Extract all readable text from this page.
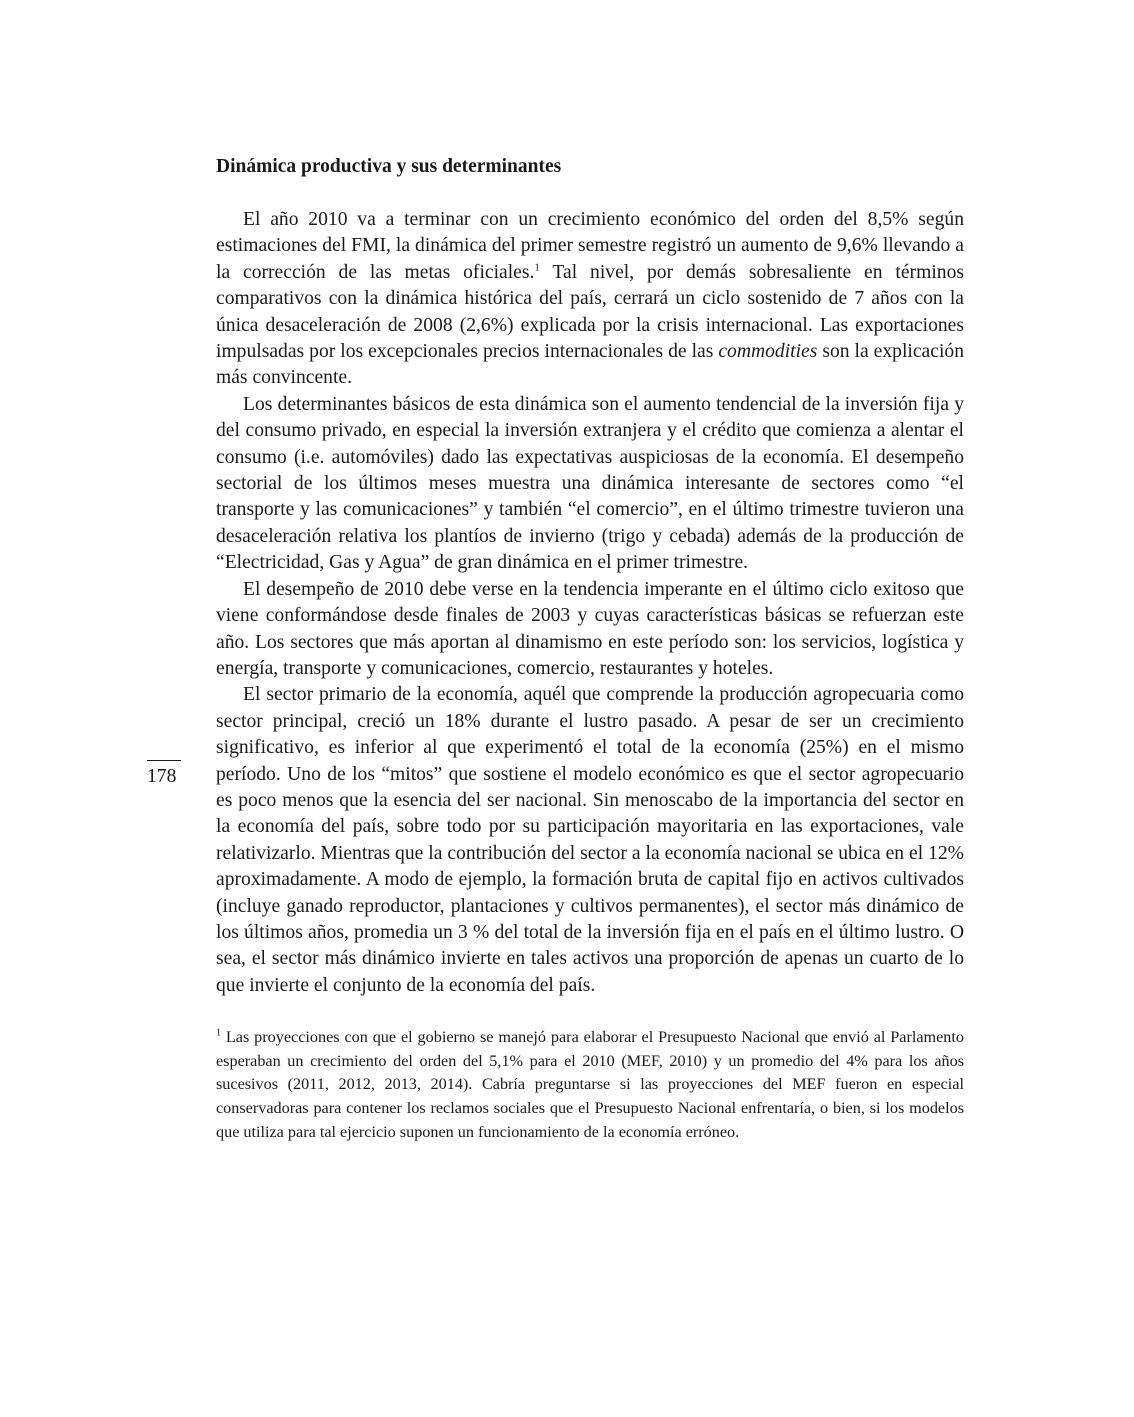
178
Dinámica productiva y sus determinantes

El año 2010 va a terminar con un crecimiento económico del orden del 8,5% según estimaciones del FMI, la dinámica del primer semestre registró un aumento de 9,6% llevando a la corrección de las metas oficiales.$^1$ Tal nivel, por demás sobresaliente en términos comparativos con la dinámica histórica del país, cerrará un ciclo sostenido de 7 años con la única desaceleración de 2008 (2,6%) explicada por la crisis internacional. Las exportaciones impulsadas por los excepcionales precios internacionales de las commodities son la explicación más convincente.

Los determinantes básicos de esta dinámica son el aumento tendencial de la inversión fija y del consumo privado, en especial la inversión extranjera y el crédito que comienza a alentar el consumo (i.e. automóviles) dado las expectativas auspiciosas de la economía. El desempeño sectorial de los últimos meses muestra una dinámica interesante de sectores como “el transporte y las comunicaciones” y también “el comercio”, en el último trimestre tuvieron una desaceleración relativa los plantíos de invierno (trigo y cebada) además de la producción de “Electricidad, Gas y Agua” de gran dinámica en el primer trimestre.

El desempeño de 2010 debe verse en la tendencia imperante en el último ciclo exitoso que viene conformándose desde finales de 2003 y cuyas características básicas se refuerzan este año. Los sectores que más aportan al dinamismo en este período son: los servicios, logística y energía, transporte y comunicaciones, comercio, restaurantes y hoteles.

El sector primario de la economía, aquél que comprende la producción agropecuaria como sector principal, creció un 18% durante el lustro pasado. A pesar de ser un crecimiento significativo, es inferior al que experimentó el total de la economía (25%) en el mismo período. Uno de los “mitos” que sostiene el modelo económico es que el sector agropecuario es poco menos que la esencia del ser nacional. Sin menoscabo de la importancia del sector en la economía del país, sobre todo por su participación mayoritaria en las exportaciones, vale relativizarlo. Mientras que la contribución del sector a la economía nacional se ubica en el 12% aproximadamente. A modo de ejemplo, la formación bruta de capital fijo en activos cultivados (incluye ganado reproductor, plantaciones y cultivos permanentes), el sector más dinámico de los últimos años, promedia un 3 % del total de la inversión fija en el país en el último lustro. O sea, el sector más dinámico invierte en tales activos una proporción de apenas un cuarto de lo que invierte el conjunto de la economía del país.

$^1$ Las proyecciones con que el gobierno se manejó para elaborar el Presupuesto Nacional que envió al Parlamento esperaban un crecimiento del orden del 5,1% para el 2010 (MEF, 2010) y un promedio del 4% para los años sucesivos (2011, 2012, 2013, 2014). Cabría preguntarse si las proyecciones del MEF fueron en especial conservadoras para contener los reclamos sociales que el Presupuesto Nacional enfrentaría, o bien, si los modelos que utiliza para tal ejercicio suponen un funcionamiento de la economía erróneo.
